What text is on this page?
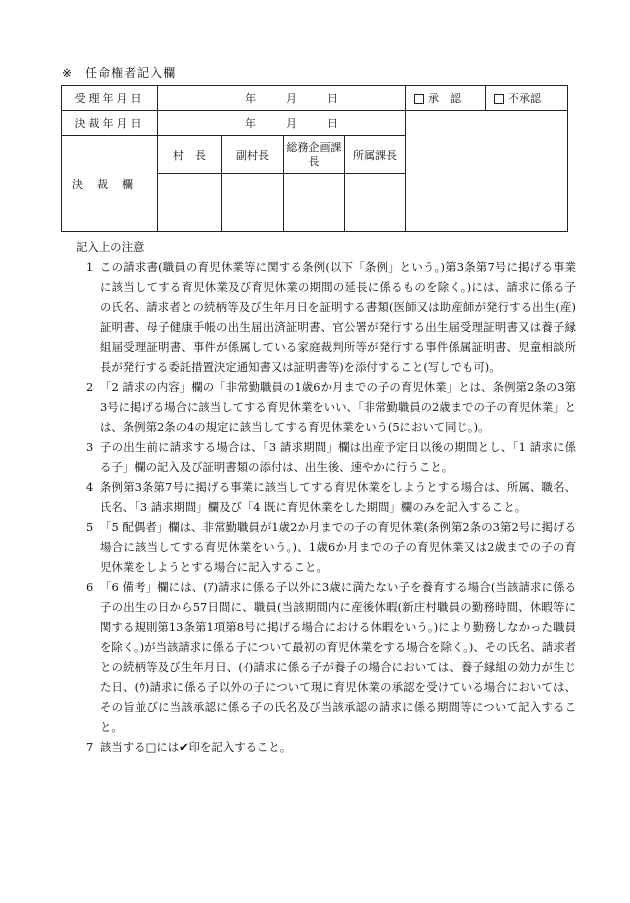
※ 任命権者記入欄
受理年月日	年 月 日				承　認	不承認
決裁年月日	年 月 日					
決裁欄	村　長	副村長	総務企画課長	所属課長		

記入上の注意
1 この請求書(職員の育児休業等に関する条例(以下「条例」という。)第3条第7号に掲げる事業に該当してする育児休業及び育児休業の期間の延長に係るものを除く。)には、請求に係る子の氏名、請求者との続柄等及び生年月日を証明する書類(医師又は助産師が発行する出生(産)証明書、母子健康手帳の出生届出済証明書、官公署が発行する出生届受理証明書又は養子縁組届受理証明書、事件が係属している家庭裁判所等が発行する事件係属証明書、児童相談所長が発行する委託措置決定通知書又は証明書等)を添付すること(写しでも可)。
2 「2 請求の内容」欄の「非常勤職員の1歳6か月までの子の育児休業」とは、条例第2条の3第3号に掲げる場合に該当してする育児休業をいい、「非常勤職員の2歳までの子の育児休業」とは、条例第2条の4の規定に該当してする育児休業をいう(5において同じ。)。
3 子の出生前に請求する場合は、「3 請求期間」欄は出産予定日以後の期間とし、「1 請求に係る子」欄の記入及び証明書類の添付は、出生後、速やかに行うこと。
4 条例第3条第7号に掲げる事業に該当してする育児休業をしようとする場合は、所属、職名、氏名、「3 請求期間」欄及び「4 既に育児休業をした期間」欄のみを記入すること。
5 「5 配偶者」欄は、非常勤職員が1歳2か月までの子の育児休業(条例第2条の3第2号に掲げる場合に該当してする育児休業をいう。)、1歳6か月までの子の育児休業又は2歳までの子の育児休業をしようとする場合に記入すること。
6 「6 備考」欄には、(ｱ)請求に係る子以外に3歳に満たない子を養育する場合(当該請求に係る子の出生の日から57日間に、職員(当該期間内に産後休暇(新庄村職員の勤務時間、休暇等に関する規則第13条第1項第8号に掲げる場合における休暇をいう。)により勤務しなかった職員を除く。)が当該請求に係る子について最初の育児休業をする場合を除く。)、その氏名、請求者との続柄等及び生年月日、(ｲ)請求に係る子が養子の場合においては、養子縁組の効力が生じた日、(ｳ)請求に係る子以外の子について現に育児休業の承認を受けている場合においては、その旨並びに当該承認に係る子の氏名及び当該承認の請求に係る期間等について記入すること。
7 該当する□には✔印を記入すること。
